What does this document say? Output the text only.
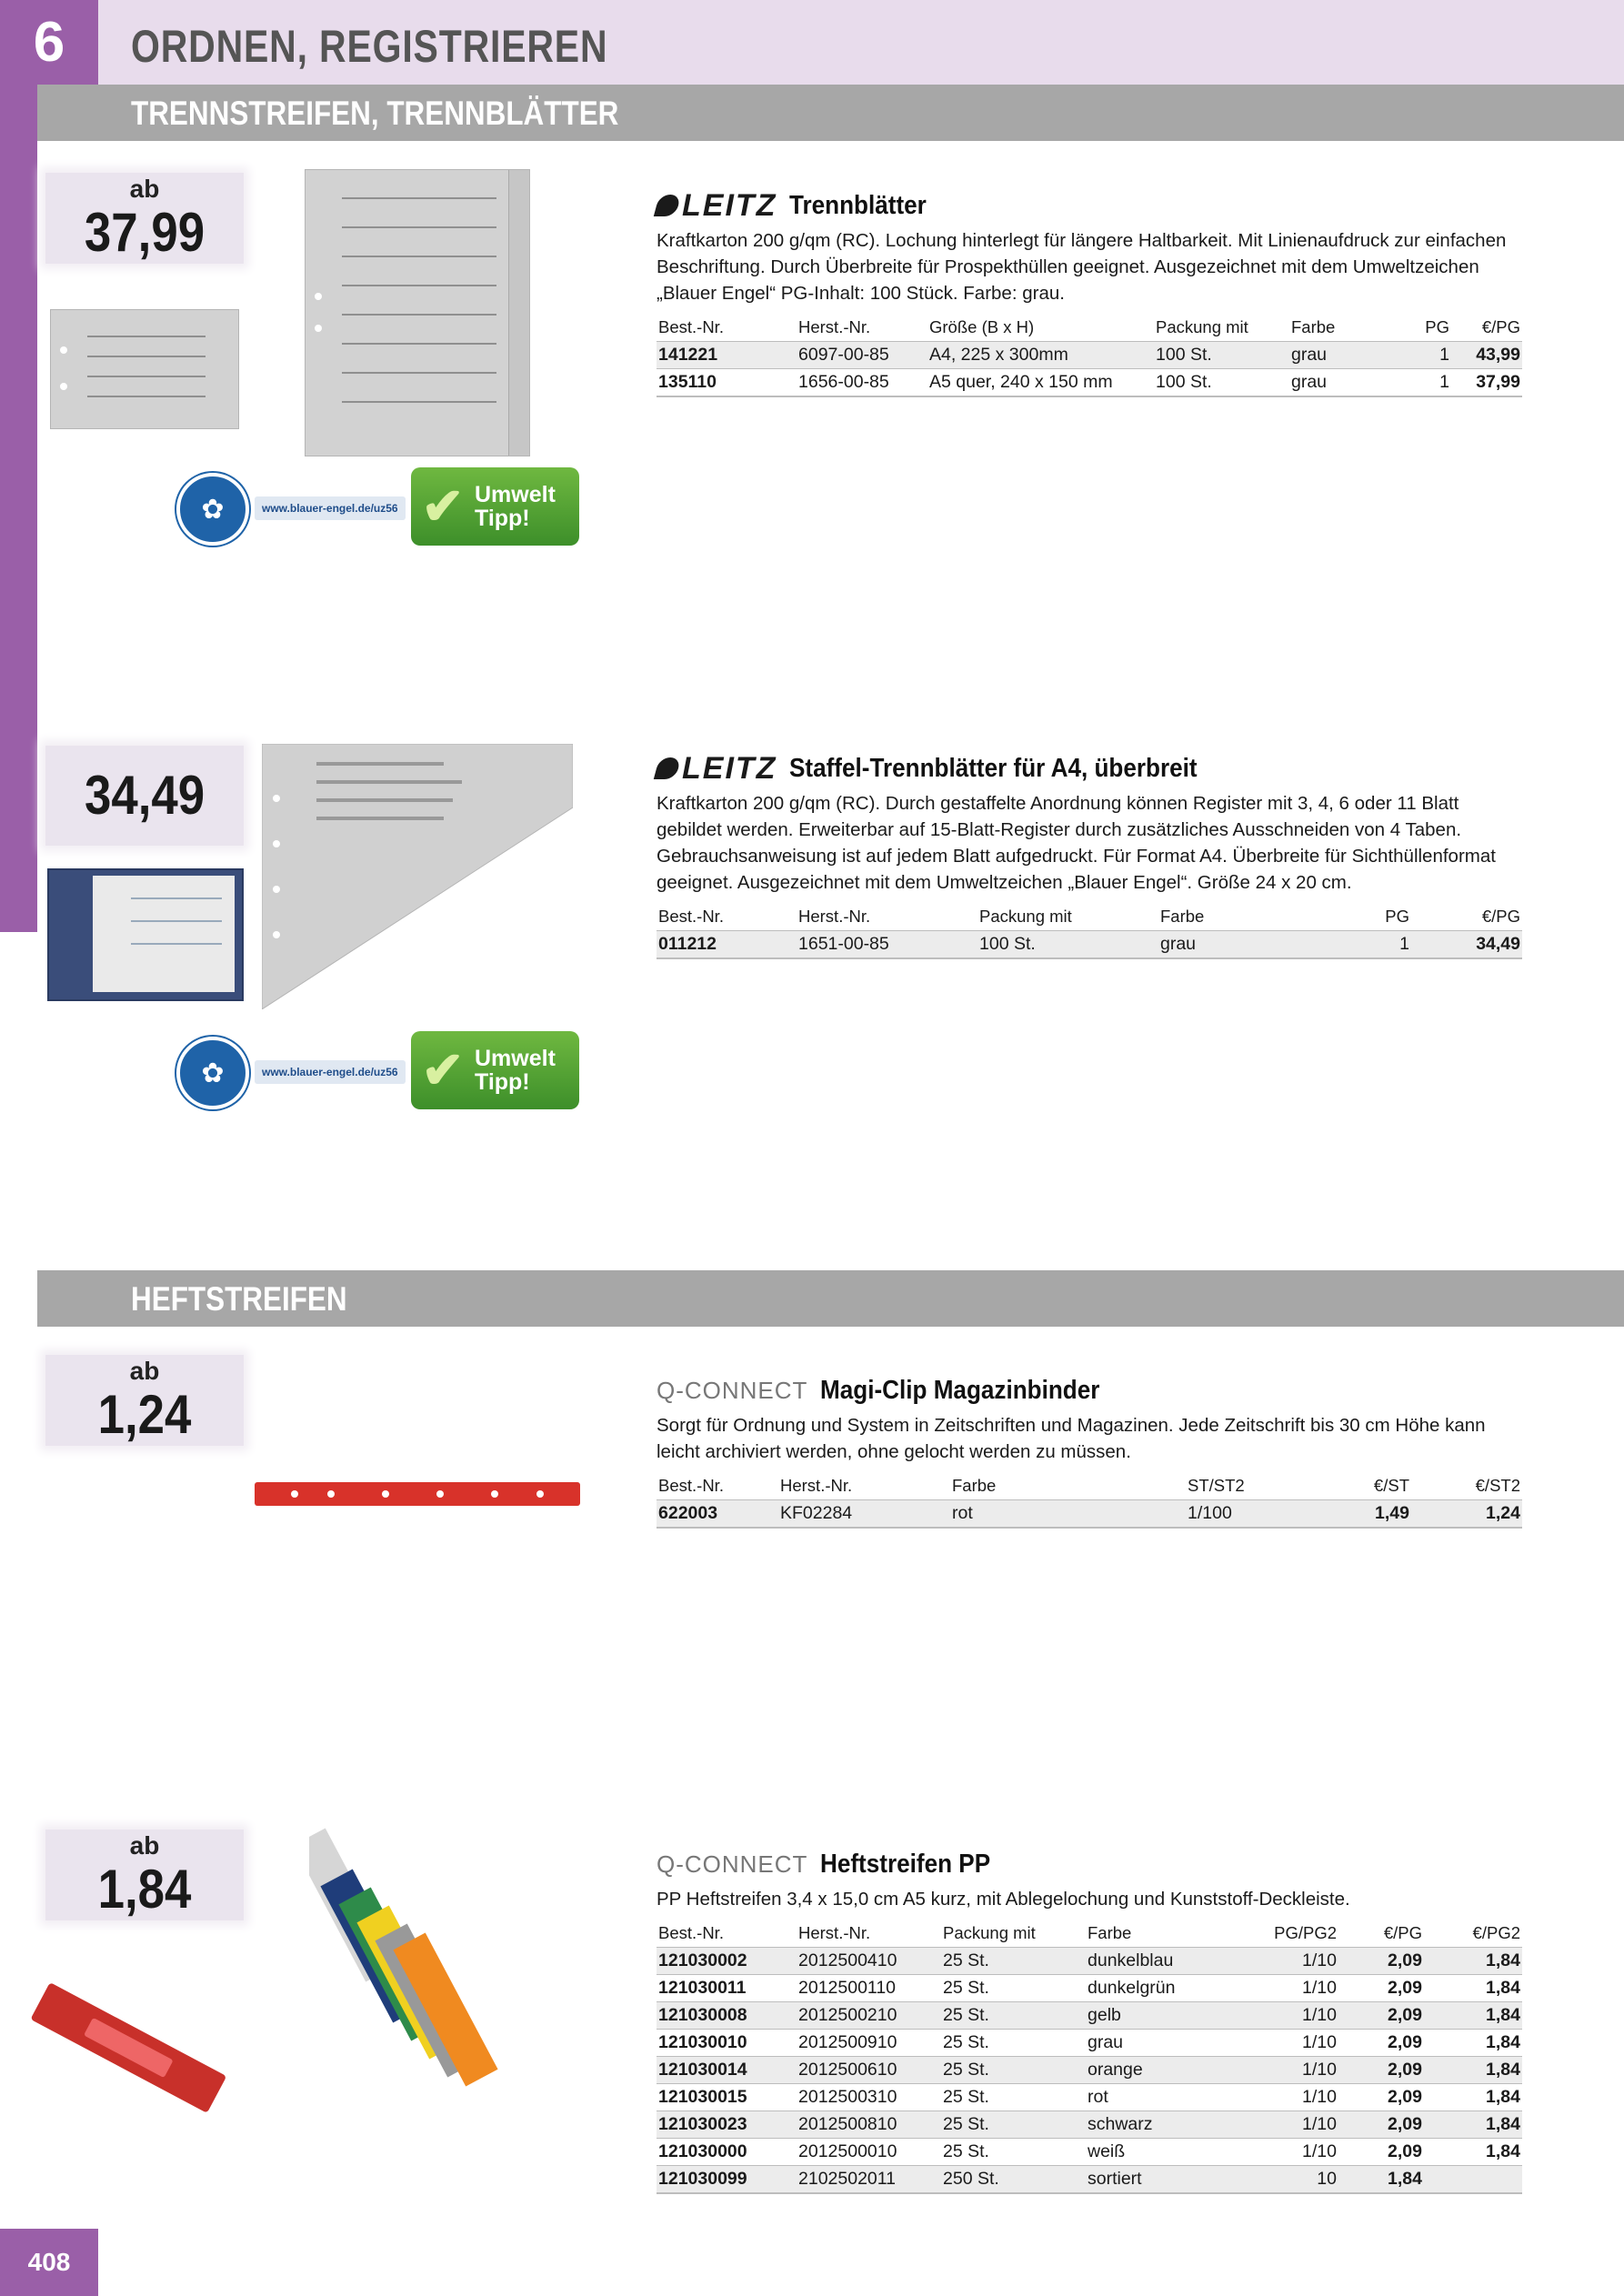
6	ORDNEN, REGISTRIEREN
TRENNSTREIFEN, TRENNBLÄTTER
ab
37,99
✿	www.blauer-engel.de/uz56 ✔ Umwelt
Tipp!
LEITZ Trennblätter
Kraftkarton 200 g/qm (RC). Lochung hinterlegt für längere Haltbarkeit. Mit Linienaufdruck zur einfachen Beschriftung. Durch Überbreite für Prospekthüllen geeignet. Ausgezeichnet mit dem Umweltzeichen „Blauer Engel“ PG-Inhalt: 100 Stück. Farbe: grau.
Best.-Nr.	Herst.-Nr.	Größe (B x H)	Packung mit	Farbe	PG	€/PG
141221	6097-00-85	A4, 225 x 300mm	100 St.	grau	1	43,99
135110	1656-00-85	A5 quer, 240 x 150 mm	100 St.	grau	1	37,99
34,49
✿	www.blauer-engel.de/uz56 ✔ Umwelt
Tipp!
LEITZ Staffel-Trennblätter für A4, überbreit
Kraftkarton 200 g/qm (RC). Durch gestaffelte Anordnung können Register mit 3, 4, 6 oder 11 Blatt gebildet werden. Erweiterbar auf 15-Blatt-Register durch zusätzliches Ausschneiden von 4 Taben. Gebrauchsanweisung ist auf jedem Blatt aufgedruckt. Für Format A4. Überbreite für Sichthüllenformat geeignet. Ausgezeichnet mit dem Umweltzeichen „Blauer Engel“. Größe 24 x 20 cm.
Best.-Nr.	Herst.-Nr.	Packung mit	Farbe	PG	€/PG
011212	1651-00-85	100 St.	grau	1	34,49
HEFTSTREIFEN
ab
1,24	Q-CONNECT Magi-Clip Magazinbinder
Sorgt für Ordnung und System in Zeitschriften und Magazinen. Jede Zeitschrift bis 30 cm Höhe kann leicht archiviert werden, ohne gelocht werden zu müssen.
Best.-Nr.	Herst.-Nr.	Farbe	ST/ST2	€/ST	€/ST2
622003	KF02284	rot	1/100	1,49	1,24
ab
1,84	Q-CONNECT Heftstreifen PP
PP Heftstreifen 3,4 x 15,0 cm A5 kurz, mit Ablegelochung und Kunststoff-Deckleiste.
Best.-Nr.	Herst.-Nr.	Packung mit	Farbe	PG/PG2	€/PG	€/PG2
121030002	2012500410	25 St.	dunkelblau	1/10	2,09	1,84
121030011	2012500110	25 St.	dunkelgrün	1/10	2,09	1,84
121030008	2012500210	25 St.	gelb	1/10	2,09	1,84
121030010	2012500910	25 St.	grau	1/10	2,09	1,84
121030014	2012500610	25 St.	orange	1/10	2,09	1,84
121030015	2012500310	25 St.	rot	1/10	2,09	1,84
121030023	2012500810	25 St.	schwarz	1/10	2,09	1,84
121030000	2012500010	25 St.	weiß	1/10	2,09	1,84
121030099	2102502011	250 St.	sortiert	10	1,84	
408
